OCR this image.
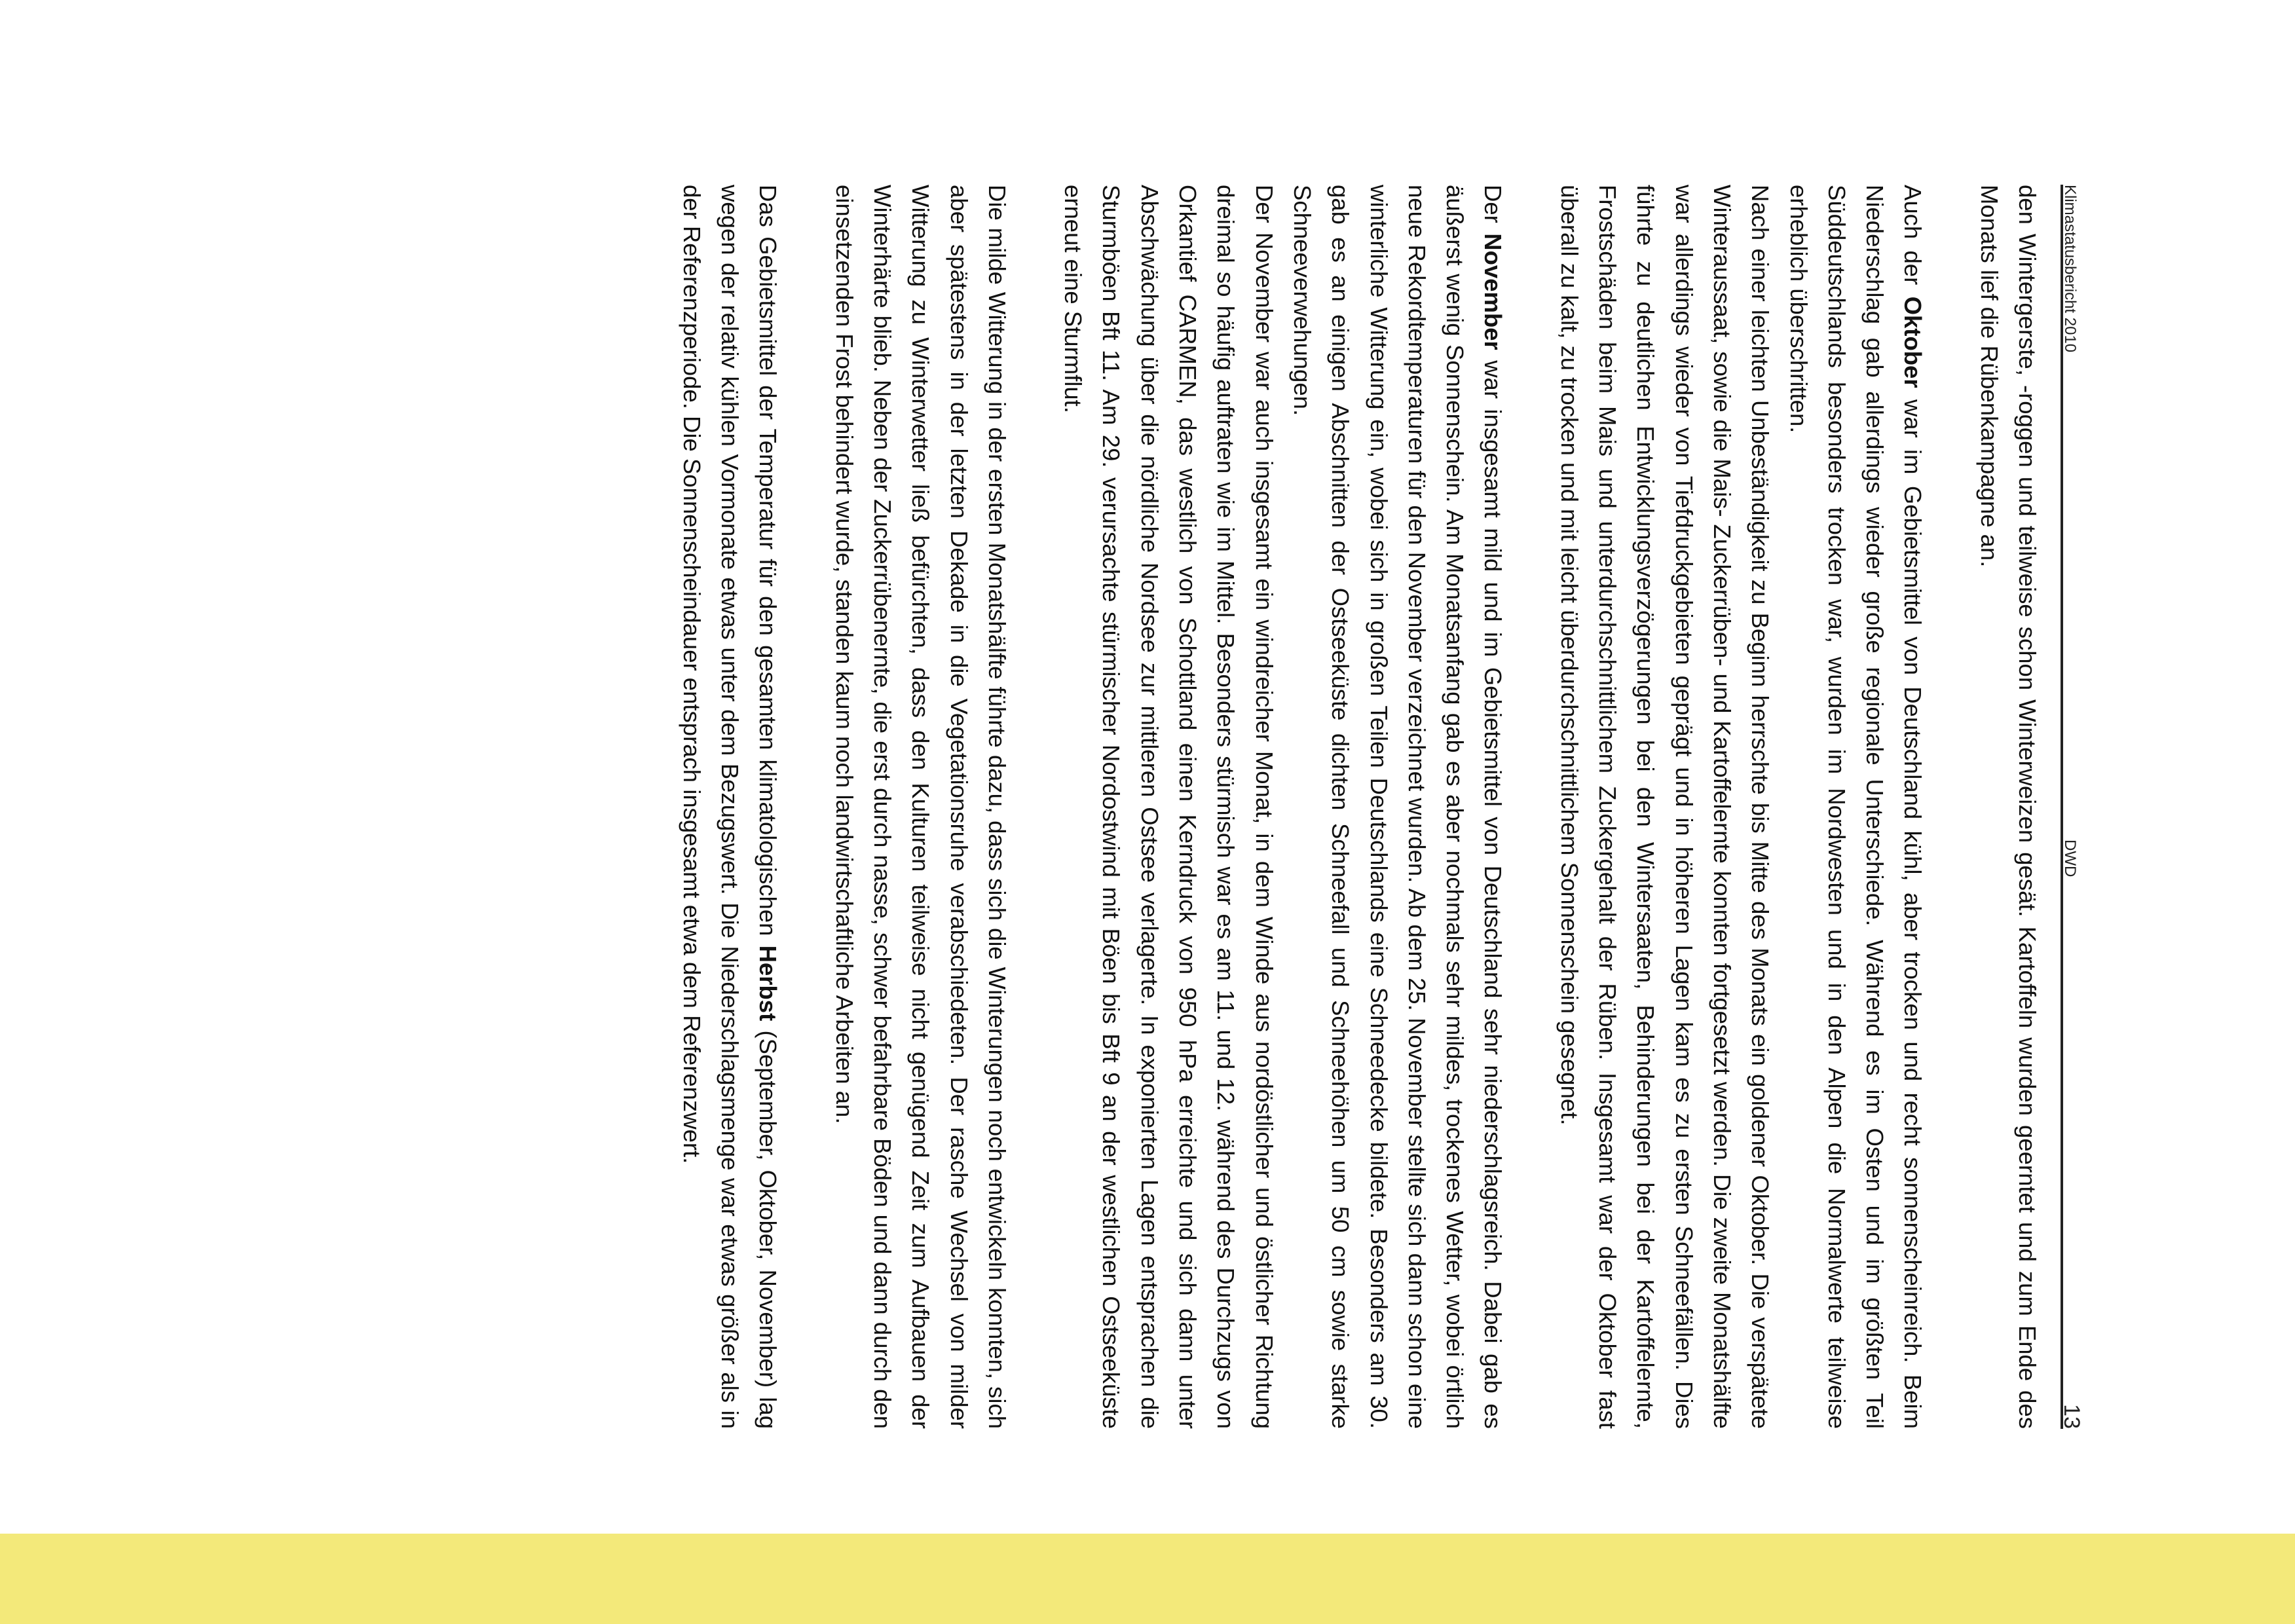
Klimastatusbericht 2010
DWD
13

den Wintergerste, -roggen und teilweise schon Winterweizen gesät. Kartoffeln wurden geerntet und zum Ende des Monats lief die Rübenkampagne an.

Auch der Oktober war im Gebietsmittel von Deutschland kühl, aber trocken und recht sonnenscheinreich. Beim Niederschlag gab allerdings wieder große regionale Unterschiede. Während es im Osten und im größten Teil Süddeutschlands besonders trocken war, wurden im Nordwesten und in den Alpen die Normalwerte teilweise erheblich überschritten.

Nach einer leichten Unbeständigkeit zu Beginn herrschte bis Mitte des Monats ein goldener Oktober. Die verspätete Winteraussaat, sowie die Mais- Zuckerrüben- und Kartoffelernte konnten fortgesetzt werden. Die zweite Monatshälfte war allerdings wieder von Tiefdruckgebieten geprägt und in höheren Lagen kam es zu ersten Schneefällen. Dies führte zu deutlichen Entwicklungsverzögerungen bei den Wintersaaten, Behinderungen bei der Kartoffelernte, Frostschäden beim Mais und unterdurchschnittlichem Zuckergehalt der Rüben. Insgesamt war der Oktober fast überall zu kalt, zu trocken und mit leicht überdurchschnittlichem Sonnenschein gesegnet.

Der November war insgesamt mild und im Gebietsmittel von Deutschland sehr niederschlagsreich. Dabei gab es äußerst wenig Sonnenschein. Am Monatsanfang gab es aber nochmals sehr mildes, trockenes Wetter, wobei örtlich neue Rekordtemperaturen für den November verzeichnet wurden. Ab dem 25. November stellte sich dann schon eine winterliche Witterung ein, wobei sich in großen Teilen Deutschlands eine Schneedecke bildete. Besonders am 30. gab es an einigen Abschnitten der Ostseeküste dichten Schneefall und Schneehöhen um 50 cm sowie starke Schneeverwehungen.

Der November war auch insgesamt ein windreicher Monat, in dem Winde aus nordöstlicher und östlicher Richtung dreimal so häufig auftraten wie im Mittel. Besonders stürmisch war es am 11. und 12. während des Durchzugs von Orkantief CARMEN, das westlich von Schottland einen Kerndruck von 950 hPa erreichte und sich dann unter Abschwächung über die nördliche Nordsee zur mittleren Ostsee verlagerte. In exponierten Lagen entsprachen die Sturmböen Bft 11. Am 29. verursachte stürmischer Nordostwind mit Böen bis Bft 9 an der westlichen Ostseeküste erneut eine Sturmflut.

Die milde Witterung in der ersten Monatshälfte führte dazu, dass sich die Winterungen noch entwickeln konnten, sich aber spätestens in der letzten Dekade in die Vegetationsruhe verabschiedeten. Der rasche Wechsel von milder Witterung zu Winterwetter ließ befürchten, dass den Kulturen teilweise nicht genügend Zeit zum Aufbauen der Winterhärte blieb. Neben der Zuckerrübenernte, die erst durch nasse, schwer befahrbare Böden und dann durch den einsetzenden Frost behindert wurde, standen kaum noch landwirtschaftliche Arbeiten an.

Das Gebietsmittel der Temperatur für den gesamten klimatologischen Herbst (September, Oktober, November) lag wegen der relativ kühlen Vormonate etwas unter dem Bezugswert. Die Niederschlagsmenge war etwas größer als in der Referenzperiode. Die Sonnenscheindauer entsprach insgesamt etwa dem Referenzwert.
